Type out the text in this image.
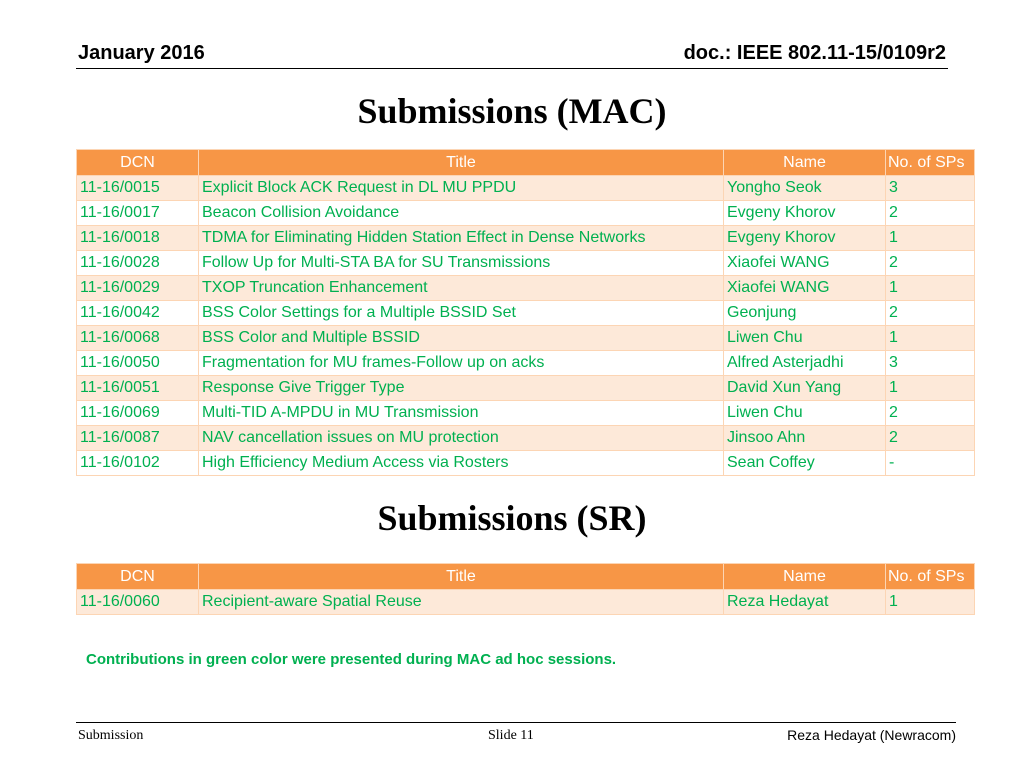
January 2016	doc.: IEEE 802.11-15/0109r2
Submissions (MAC)
DCN	Title	Name	No. of SPs
11-16/0015	Explicit Block ACK Request in DL MU PPDU	Yongho Seok	3
11-16/0017	Beacon Collision Avoidance	Evgeny Khorov	2
11-16/0018	TDMA for Eliminating Hidden Station Effect in Dense Networks	Evgeny Khorov	1
11-16/0028	Follow Up for Multi-STA BA for SU Transmissions	Xiaofei WANG	2
11-16/0029	TXOP Truncation Enhancement	Xiaofei WANG	1
11-16/0042	BSS Color Settings for a Multiple BSSID Set	Geonjung	2
11-16/0068	BSS Color and Multiple BSSID	Liwen Chu	1
11-16/0050	Fragmentation for MU frames-Follow up on acks	Alfred Asterjadhi	3
11-16/0051	Response Give Trigger Type	David Xun Yang	1
11-16/0069	Multi-TID A-MPDU in MU Transmission	Liwen Chu	2
11-16/0087	NAV cancellation issues on MU protection	Jinsoo Ahn	2
11-16/0102	High Efficiency Medium Access via Rosters	Sean Coffey	-
Submissions (SR)
DCN	Title	Name	No. of SPs
11-16/0060	Recipient-aware Spatial Reuse	Reza Hedayat	1
Contributions in green color were presented during MAC ad hoc sessions.
Submission	Slide 11	Reza Hedayat (Newracom)
